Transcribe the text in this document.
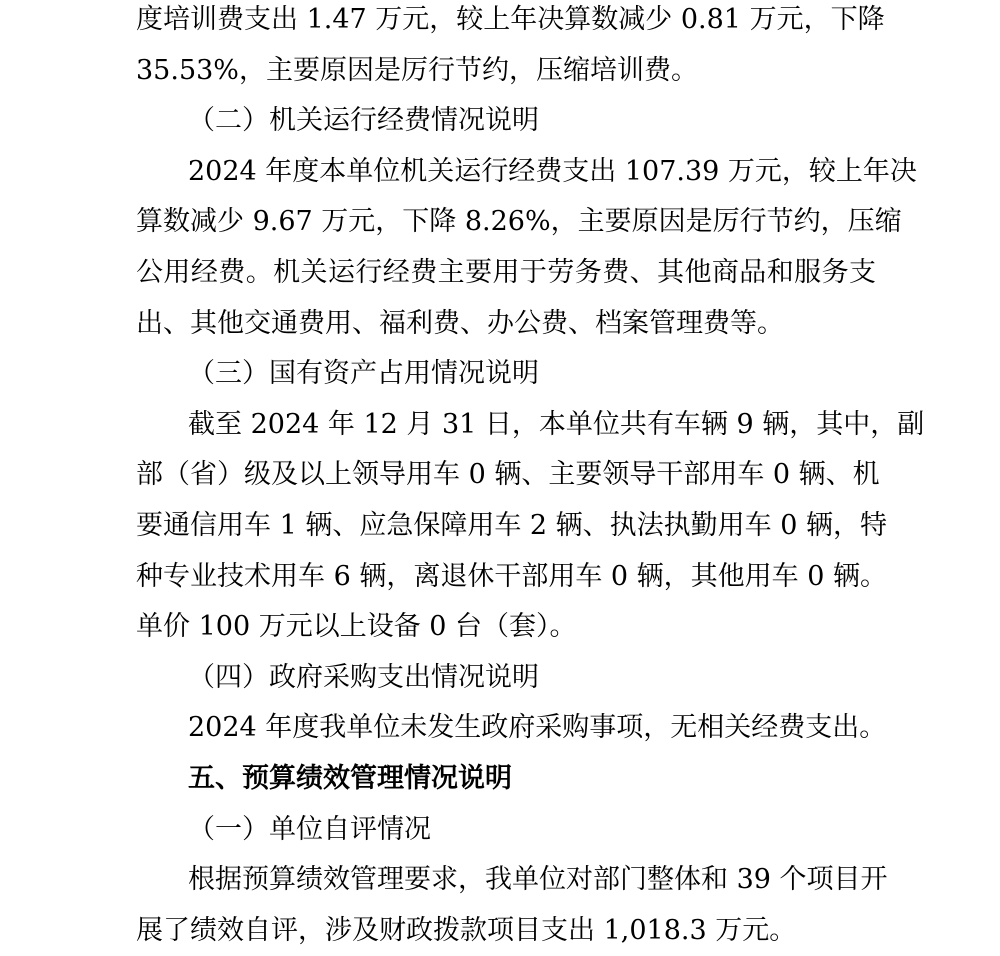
度培训费支出 1.47 万元，较上年决算数减少 0.81 万元，下降
35.53%，主要原因是厉行节约，压缩培训费。
（二）机关运行经费情况说明
2024 年度本单位机关运行经费支出 107.39 万元，较上年决
算数减少 9.67 万元，下降 8.26%，主要原因是厉行节约，压缩
公用经费。机关运行经费主要用于劳务费、其他商品和服务支
出、其他交通费用、福利费、办公费、档案管理费等。
（三）国有资产占用情况说明
截至 2024 年 12 月 31 日，本单位共有车辆 9 辆，其中，副
部（省）级及以上领导用车 0 辆、主要领导干部用车 0 辆、机
要通信用车 1 辆、应急保障用车 2 辆、执法执勤用车 0 辆，特
种专业技术用车 6 辆，离退休干部用车 0 辆，其他用车 0 辆。
单价 100 万元以上设备 0 台（套）。
（四）政府采购支出情况说明
2024 年度我单位未发生政府采购事项，无相关经费支出。
五、预算绩效管理情况说明
（一）单位自评情况
根据预算绩效管理要求，我单位对部门整体和 39 个项目开
展了绩效自评，涉及财政拨款项目支出 1,018.3 万元。
